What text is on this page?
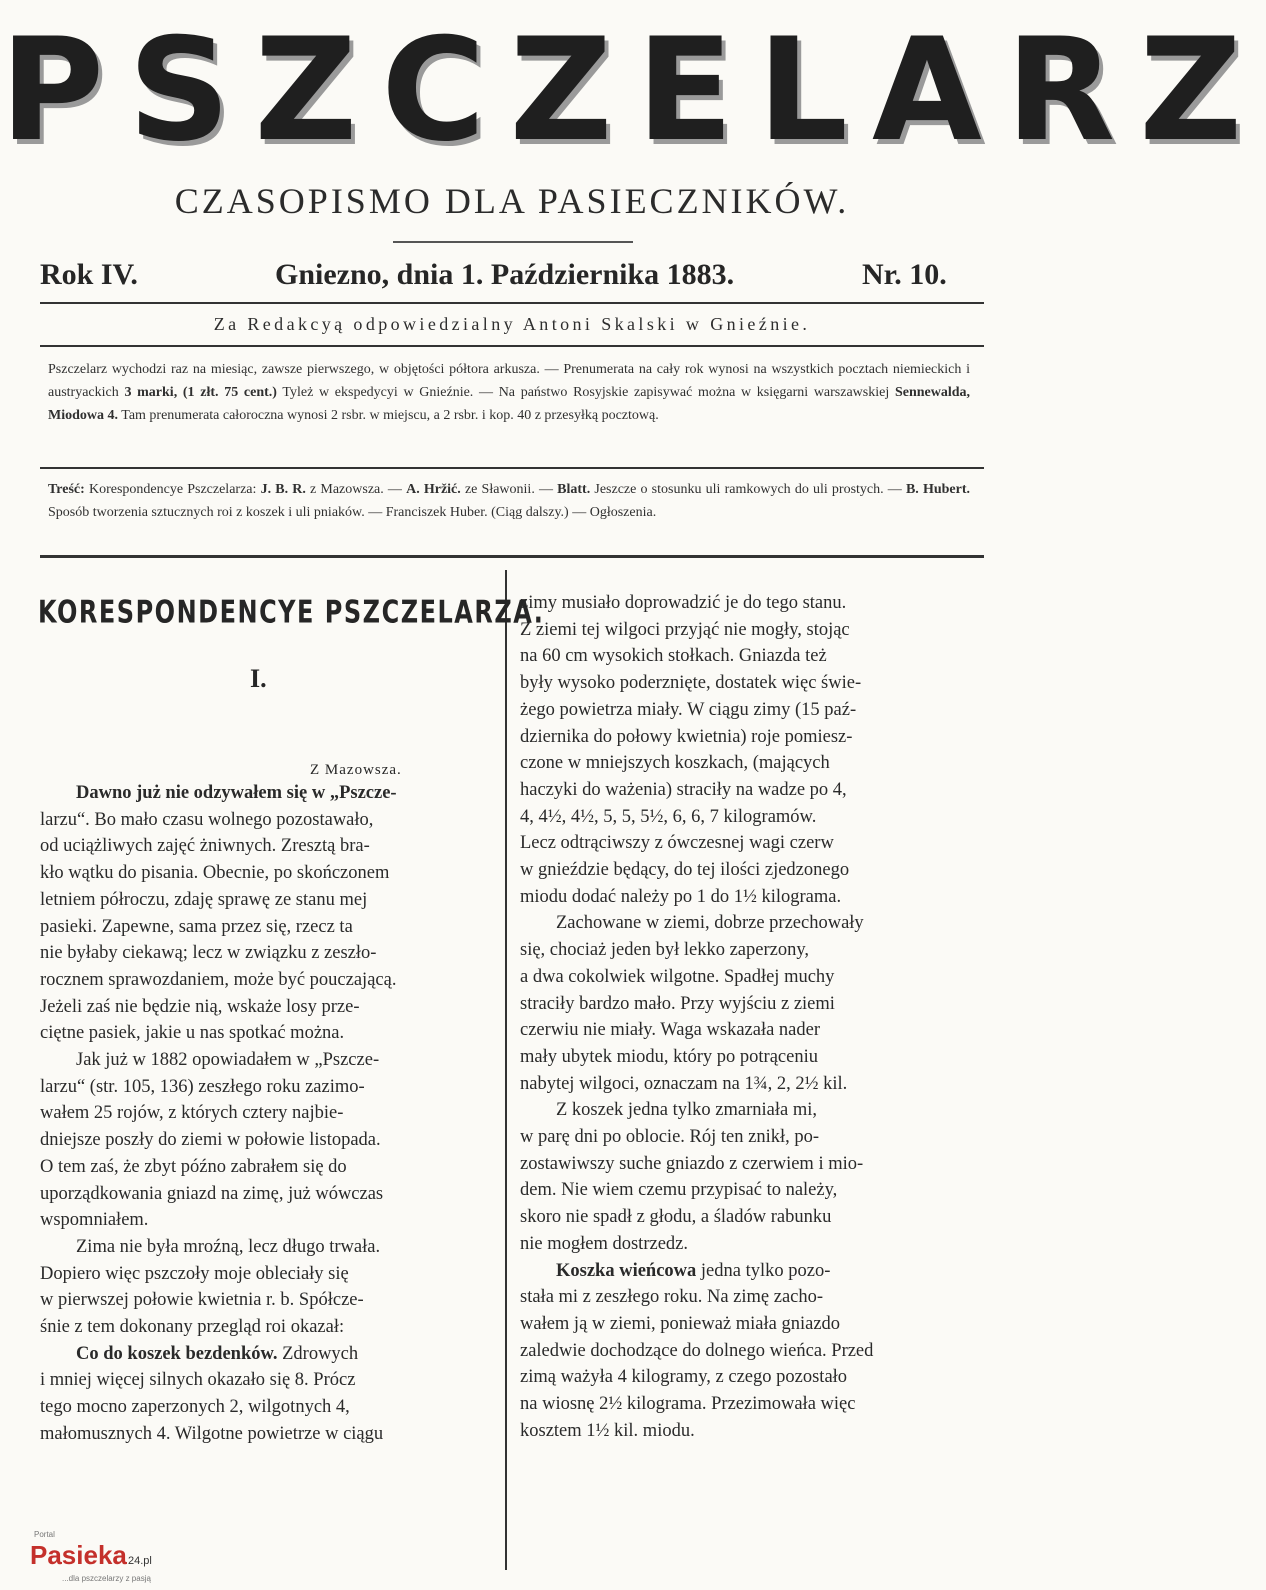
PSZCZELARZ
CZASOPISMO DLA PASIECZNIKÓW.
Rok IV.	Gniezno, dnia 1. Października 1883.	Nr. 10.
Za Redakcyą odpowiedzialny Antoni Skalski w Gnieźnie.

Pszczelarz wychodzi raz na miesiąc, zawsze pierwszego, w objętości półtora arkusza. — Prenumerata na cały rok wynosi na wszystkich pocztach niemieckich i austryackich 3 marki, (1 złt. 75 cent.) Tyleż w ekspedycyi w Gnieźnie. — Na państwo Rosyjskie zapisywać można w księgarni warszawskiej Sennewalda, Miodowa 4. Tam prenumerata całoroczna wynosi 2 rsbr. w miejscu, a 2 rsbr. i kop. 40 z przesyłką pocztową.

Treść: Korespondencye Pszczelarza: J. B. R. z Mazowsza. — A. Hržić. ze Sławonii. — Blatt. Jeszcze o stosunku uli ramkowych do uli prostych. — B. Hubert. Sposób tworzenia sztucznych roi z koszek i uli pniaków. — Franciszek Huber. (Ciąg dalszy.) — Ogłoszenia.

KORESPONDENCYE PSZCZELARZA.
I.
Z Mazowsza.
Dawno już nie odzywałem się w „Pszcze-
larzu“. Bo mało czasu wolnego pozostawało,
od uciążliwych zajęć żniwnych. Zresztą bra-
kło wątku do pisania. Obecnie, po skończonem
letniem półroczu, zdaję sprawę ze stanu mej
pasieki. Zapewne, sama przez się, rzecz ta
nie byłaby ciekawą; lecz w związku z zeszło-
rocznem sprawozdaniem, może być pouczającą.
Jeżeli zaś nie będzie nią, wskaże losy prze-
ciętne pasiek, jakie u nas spotkać można.
Jak już w 1882 opowiadałem w „Pszcze-
larzu“ (str. 105, 136) zeszłego roku zazimo-
wałem 25 rojów, z których cztery najbie-
dniejsze poszły do ziemi w połowie listopada.
O tem zaś, że zbyt późno zabrałem się do
uporządkowania gniazd na zimę, już wówczas
wspomniałem.
Zima nie była mroźną, lecz długo trwała.
Dopiero więc pszczoły moje obleciały się
w pierwszej połowie kwietnia r. b. Spółcze-
śnie z tem dokonany przegląd roi okazał:
Co do koszek bezdenków. Zdrowych
i mniej więcej silnych okazało się 8. Prócz
tego mocno zaperzonych 2, wilgotnych 4,
małomusznych 4. Wilgotne powietrze w ciągu
zimy musiało doprowadzić je do tego stanu.
Z ziemi tej wilgoci przyjąć nie mogły, stojąc
na 60 cm wysokich stołkach. Gniazda też
były wysoko poderznięte, dostatek więc świe-
żego powietrza miały. W ciągu zimy (15 paź-
dziernika do połowy kwietnia) roje pomiesz-
czone w mniejszych koszkach, (mających
haczyki do ważenia) straciły na wadze po 4,
4, 4½, 4½, 5, 5, 5½, 6, 6, 7 kilogramów.
Lecz odtrąciwszy z ówczesnej wagi czerw
w gnieździe będący, do tej ilości zjedzonego
miodu dodać należy po 1 do 1½ kilograma.
Zachowane w ziemi, dobrze przechowały
się, chociaż jeden był lekko zaperzony,
a dwa cokolwiek wilgotne. Spadłej muchy
straciły bardzo mało. Przy wyjściu z ziemi
czerwiu nie miały. Waga wskazała nader
mały ubytek miodu, który po potrąceniu
nabytej wilgoci, oznaczam na 1¾, 2, 2½ kil.
Z koszek jedna tylko zmarniała mi,
w parę dni po oblocie. Rój ten znikł, po-
zostawiwszy suche gniazdo z czerwiem i mio-
dem. Nie wiem czemu przypisać to należy,
skoro nie spadł z głodu, a śladów rabunku
nie mogłem dostrzedz.
Koszka wieńcowa jedna tylko pozo-
stała mi z zeszłego roku. Na zimę zacho-
wałem ją w ziemi, ponieważ miała gniazdo
zaledwie dochodzące do dolnego wieńca. Przed
zimą ważyła 4 kilogramy, z czego pozostało
na wiosnę 2½ kilograma. Przezimowała więc
kosztem 1½ kil. miodu.
Portal
Pasieka 24.pl
...dla pszczelarzy z pasją
